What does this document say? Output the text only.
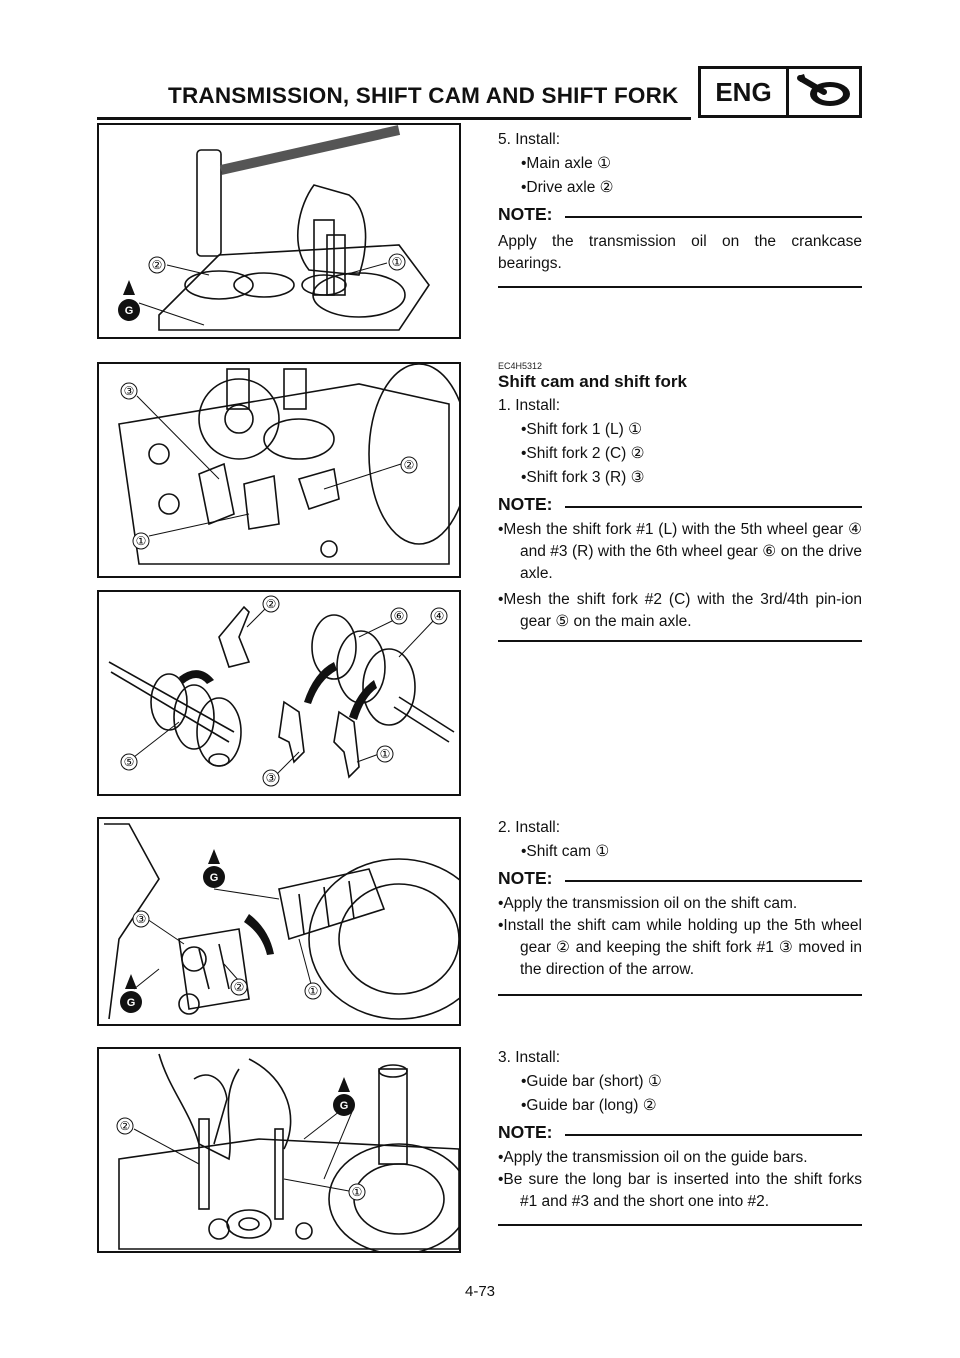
TRANSMISSION, SHIFT CAM AND SHIFT FORK	ENG
②	①
G
5. Install:
•Main axle ①
•Drive axle ②
NOTE:
Apply the transmission oil on the crankcase bearings.
③
②
①
EC4H5312
Shift cam and shift fork
1. Install:
•Shift fork 1 (L) ①
•Shift fork 2 (C) ②
•Shift fork 3 (R) ③
NOTE:
•Mesh the shift fork #1 (L) with the 5th wheel gear ④ and #3 (R) with the 6th wheel gear ⑥ on the drive axle.
•Mesh the shift fork #2 (C) with the 3rd/4th pin-ion gear ⑤ on the main axle.
②
⑥ ④
⑤
③
①
③
②	①
G
G
2. Install:
•Shift cam ①
NOTE:
•Apply the transmission oil on the shift cam.
•Install the shift cam while holding up the 5th wheel gear ② and keeping the shift fork #1 ③ moved in the direction of the arrow.
②
①
G
3. Install:
•Guide bar (short) ①
•Guide bar (long) ②
NOTE:
•Apply the transmission oil on the guide bars.
•Be sure the long bar is inserted into the shift forks #1 and #3 and the short one into #2.
4-73
